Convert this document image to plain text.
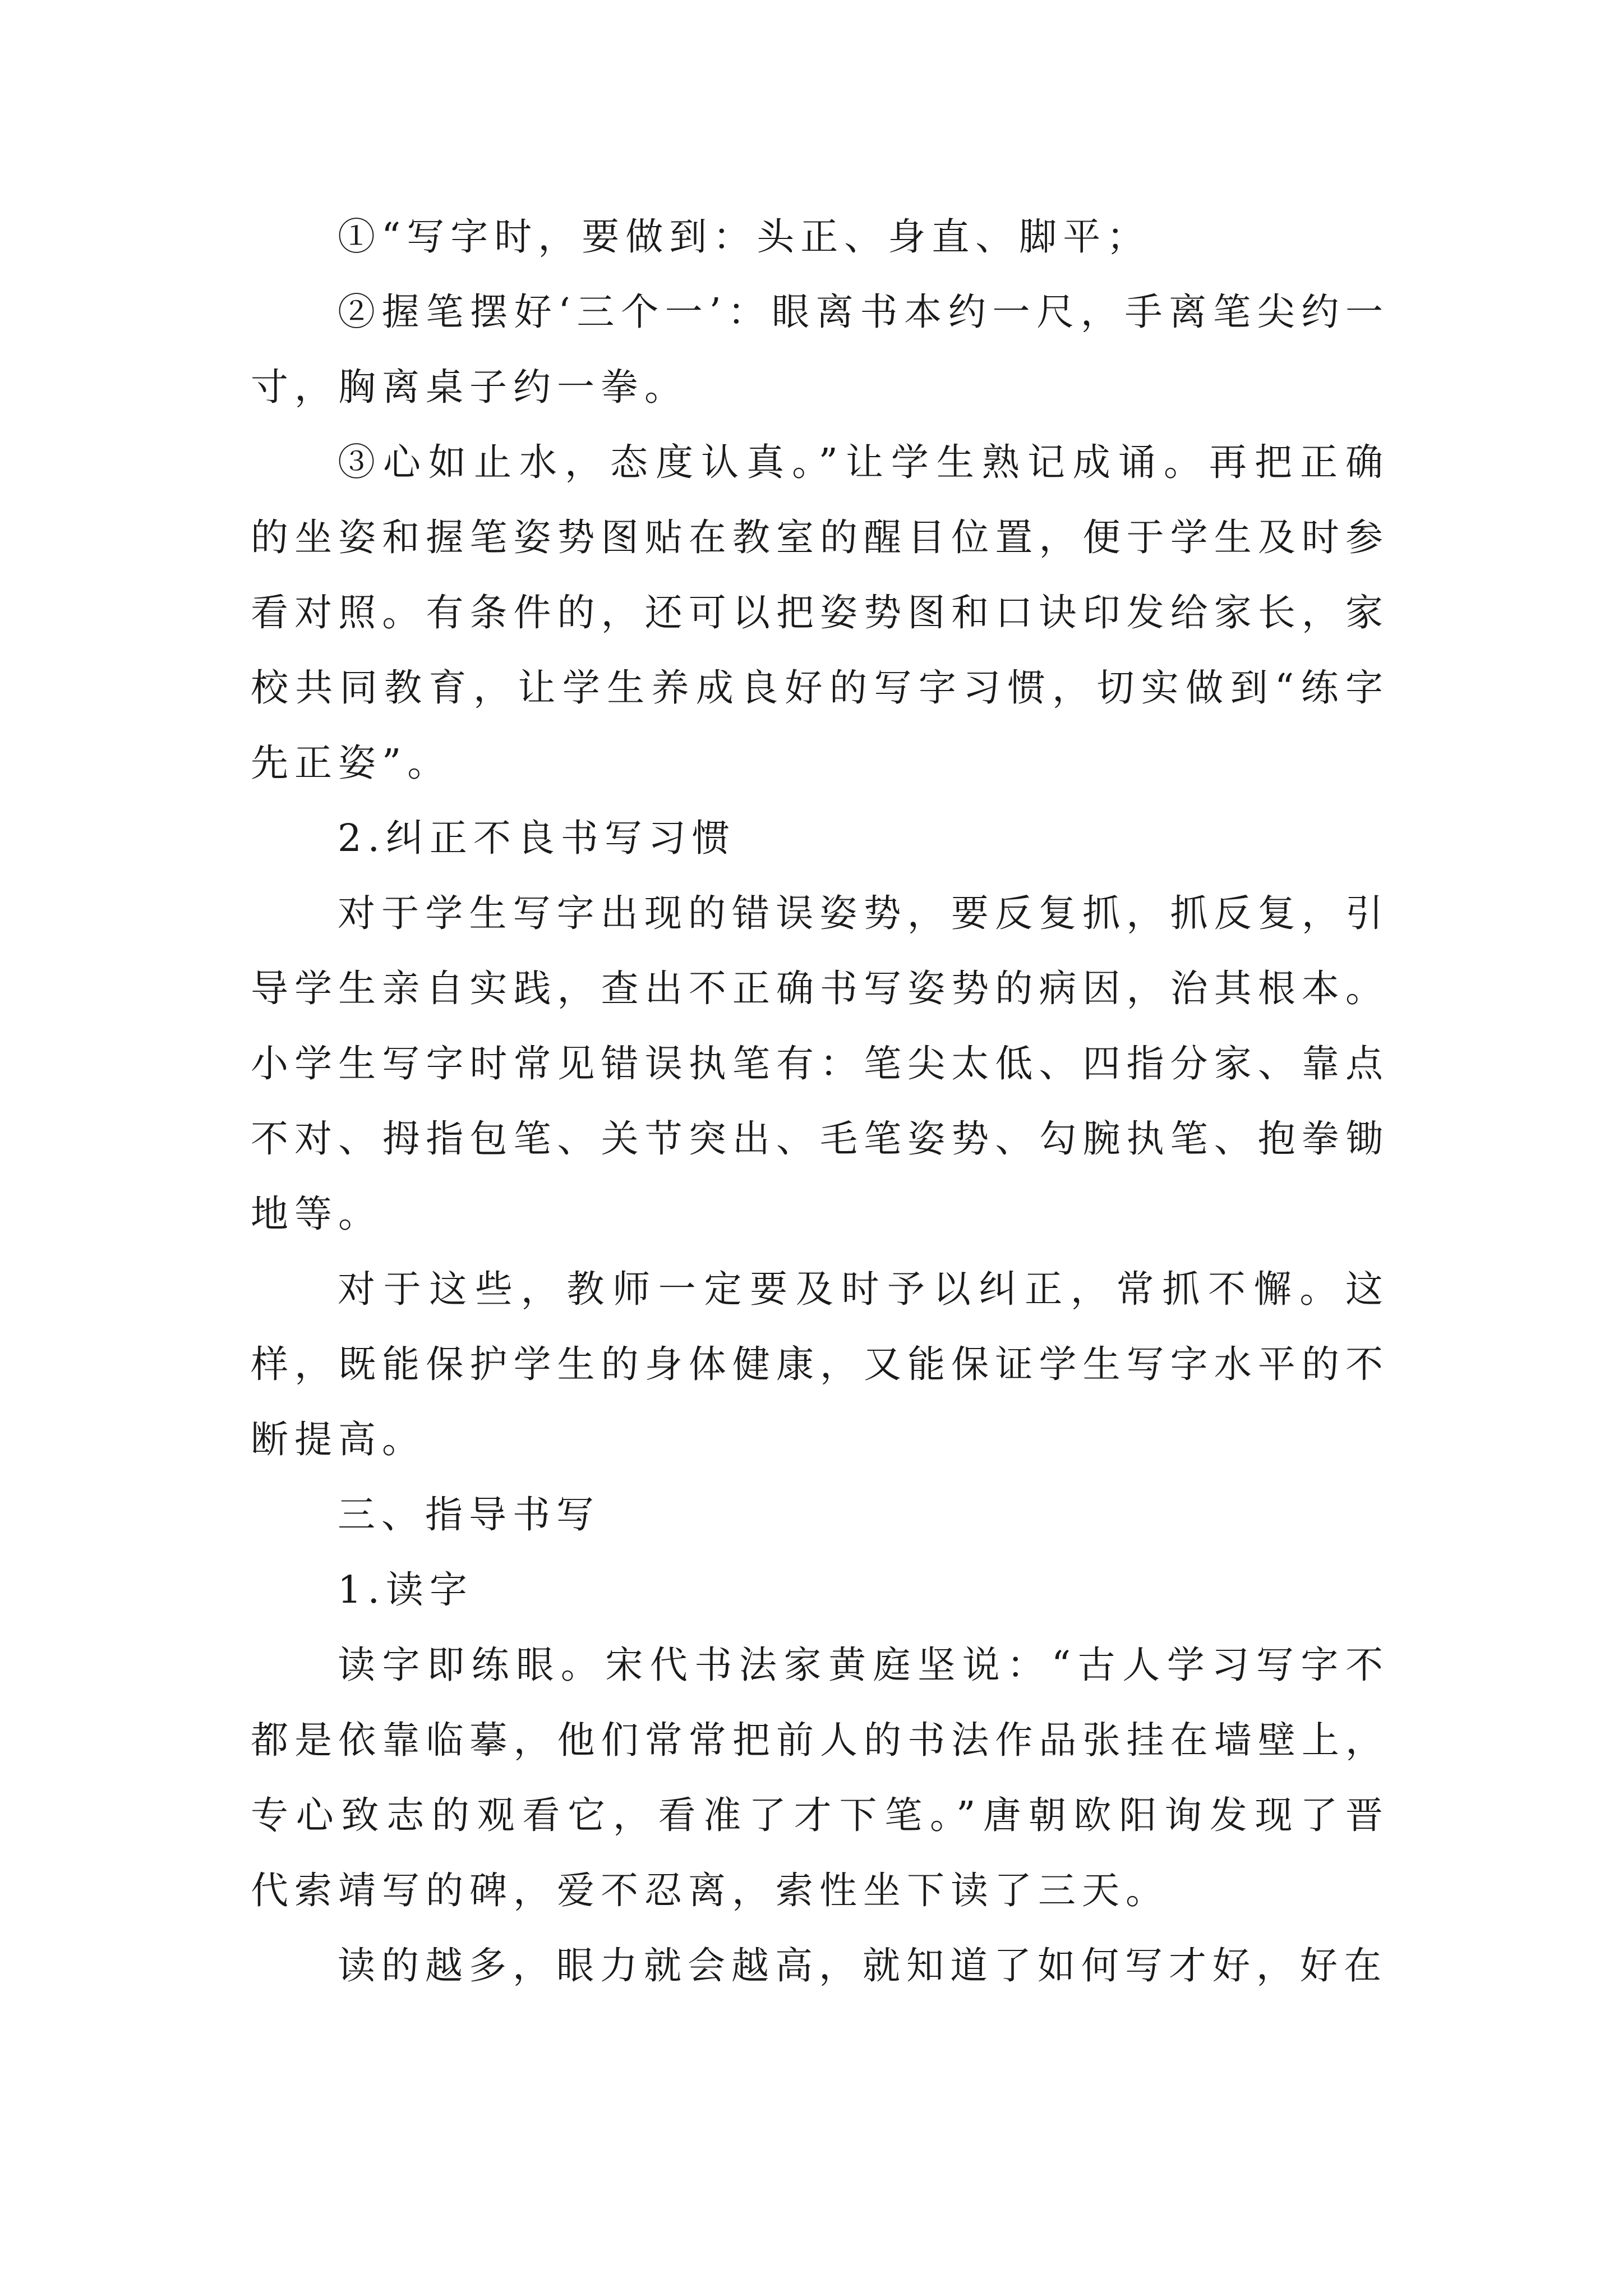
①“写字时，要做到：头正、身直、脚平；

②握笔摆好‘三个一’：眼离书本约一尺，手离笔尖约一寸，胸离桌子约一拳。

③心如止水，态度认真。”让学生熟记成诵。再把正确的坐姿和握笔姿势图贴在教室的醒目位置，便于学生及时参看对照。有条件的，还可以把姿势图和口诀印发给家长，家校共同教育，让学生养成良好的写字习惯，切实做到“练字先正姿”。

2.纠正不良书写习惯

对于学生写字出现的错误姿势，要反复抓，抓反复，引导学生亲自实践，查出不正确书写姿势的病因，治其根本。小学生写字时常见错误执笔有：笔尖太低、四指分家、靠点不对、拇指包笔、关节突出、毛笔姿势、勾腕执笔、抱拳锄地等。

对于这些，教师一定要及时予以纠正，常抓不懈。这样，既能保护学生的身体健康，又能保证学生写字水平的不断提高。

三、指导书写

1.读字

读字即练眼。宋代书法家黄庭坚说：“古人学习写字不都是依靠临摹，他们常常把前人的书法作品张挂在墙壁上，专心致志的观看它，看准了才下笔。”唐朝欧阳询发现了晋代索靖写的碑，爱不忍离，索性坐下读了三天。

读的越多，眼力就会越高，就知道了如何写才好，好在
